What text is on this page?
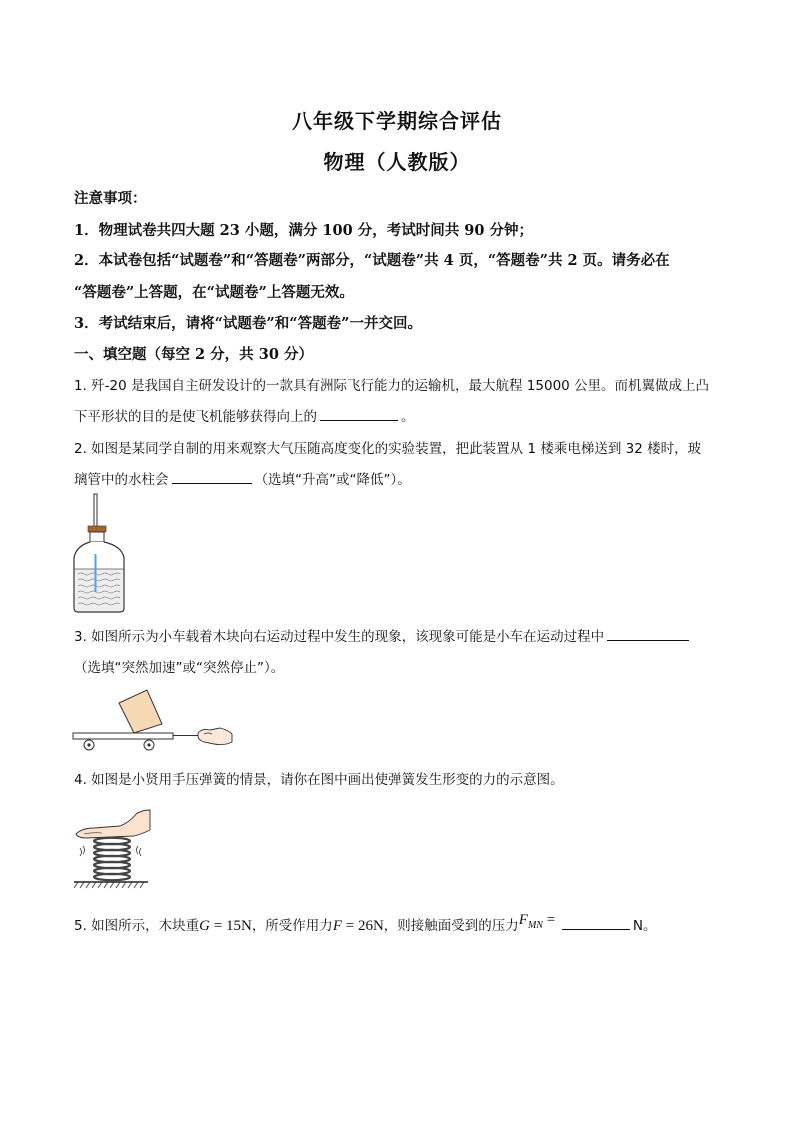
八年级下学期综合评估
物理（人教版）
注意事项：
1．物理试卷共四大题 23 小题，满分 100 分，考试时间共 90 分钟；
2．本试卷包括“试题卷”和“答题卷”两部分，“试题卷”共 4 页，“答题卷”共 2 页。请务必在
“答题卷”上答题，在“试题卷”上答题无效。
3．考试结束后，请将“试题卷”和“答题卷”一并交回。
一、填空题（每空 2 分，共 30 分）
1. 歼-20 是我国自主研发设计的一款具有洲际飞行能力的运输机，最大航程 15000 公里。而机翼做成上凸
下平形状的目的是使飞机能够获得向上的	。
2. 如图是某同学自制的用来观察大气压随高度变化的实验装置，把此装置从 1 楼乘电梯送到 32 楼时，玻
璃管中的水柱会	（选填“升高”或“降低”）。
3. 如图所示为小车载着木块向右运动过程中发生的现象，该现象可能是小车在运动过程中
（选填“突然加速”或“突然停止”）。
4. 如图是小贤用手压弹簧的情景，请你在图中画出使弹簧发生形变的力的示意图。
5. 如图所示，木块重G = 15N，所受作用力F = 26N，则接触面受到的压力$F_{MN}$ =	N。
